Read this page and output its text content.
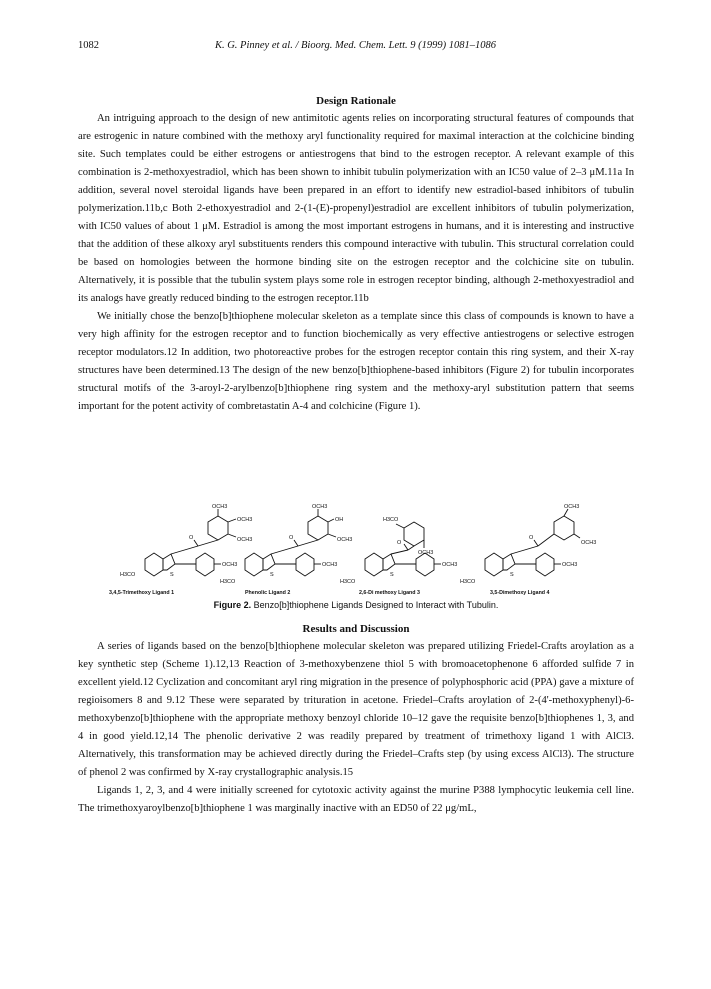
1082	K. G. Pinney et al. / Bioorg. Med. Chem. Lett. 9 (1999) 1081–1086
Design Rationale

An intriguing approach to the design of new antimitotic agents relies on incorporating structural features of compounds that are estrogenic in nature combined with the methoxy aryl functionality required for maximal interaction at the colchicine binding site. Such templates could be either estrogens or antiestrogens that bind to the estrogen receptor. A relevant example of this combination is 2-methoxyestradiol, which has been shown to inhibit tubulin polymerization with an IC50 value of 2–3 μM.11a In addition, several novel steroidal ligands have been prepared in an effort to identify new estradiol-based inhibitors of tubulin polymerization.11b,c Both 2-ethoxyestradiol and 2-(1-(E)-propenyl)estradiol are excellent inhibitors of tubulin polymerization, with IC50 values of about 1 μM. Estradiol is among the most important estrogens in humans, and it is interesting and instructive that the addition of these alkoxy aryl substituents renders this compound interactive with tubulin. This structural correlation could be based on homologies between the hormone binding site on the estrogen receptor and the colchicine site on tubulin. Alternatively, it is possible that the tubulin system plays some role in estrogen receptor binding, although 2-methoxyestradiol and its analogs have greatly reduced binding to the estrogen receptor.11b

We initially chose the benzo[b]thiophene molecular skeleton as a template since this class of compounds is known to have a very high affinity for the estrogen receptor and to function biochemically as very effective antiestrogens or selective estrogen receptor modulators.12 In addition, two photoreactive probes for the estrogen receptor contain this ring system, and their X-ray structures have been determined.13 The design of the new benzo[b]thiophene-based inhibitors (Figure 2) for tubulin incorporates structural motifs of the 3-aroyl-2-arylbenzo[b]thiophene ring system and the methoxy-aryl substitution pattern that seems important for the potent activity of combretastatin A-4 and colchicine (Figure 1).

OCH3
OCH3
OCH3
O
OCH3
S
H3CO
OCH3
OH
OCH3
O
OCH3
S
H3CO
H3CO
OCH3
O
OCH3
S
H3CO
OCH3
OCH3
O
OCH3
S
H3CO
3,4,5-Trimethoxy Ligand 1	Phenolic Ligand 2	2,6-Di methoxy Ligand 3	3,5-Dimethoxy Ligand 4
Figure 2. Benzo[b]thiophene Ligands Designed to Interact with Tubulin.
Results and Discussion

A series of ligands based on the benzo[b]thiophene molecular skeleton was prepared utilizing Friedel-Crafts aroylation as a key synthetic step (Scheme 1).12,13 Reaction of 3-methoxybenzene thiol 5 with bromoacetophenone 6 afforded sulfide 7 in excellent yield.12 Cyclization and concomitant aryl ring migration in the presence of polyphosphoric acid (PPA) gave a mixture of regioisomers 8 and 9.12 These were separated by trituration in acetone. Friedel–Crafts aroylation of 2-(4'-methoxyphenyl)-6-methoxybenzo[b]thiophene with the appropriate methoxy benzoyl chloride 10–12 gave the requisite benzo[b]thiophenes 1, 3, and 4 in good yield.12,14 The phenolic derivative 2 was readily prepared by treatment of trimethoxy ligand 1 with AlCl3. Alternatively, this transformation may be achieved directly during the Friedel–Crafts step (by using excess AlCl3). The structure of phenol 2 was confirmed by X-ray crystallographic analysis.15

Ligands 1, 2, 3, and 4 were initially screened for cytotoxic activity against the murine P388 lymphocytic leukemia cell line. The trimethoxyaroylbenzo[b]thiophene 1 was marginally inactive with an ED50 of 22 μg/mL,
